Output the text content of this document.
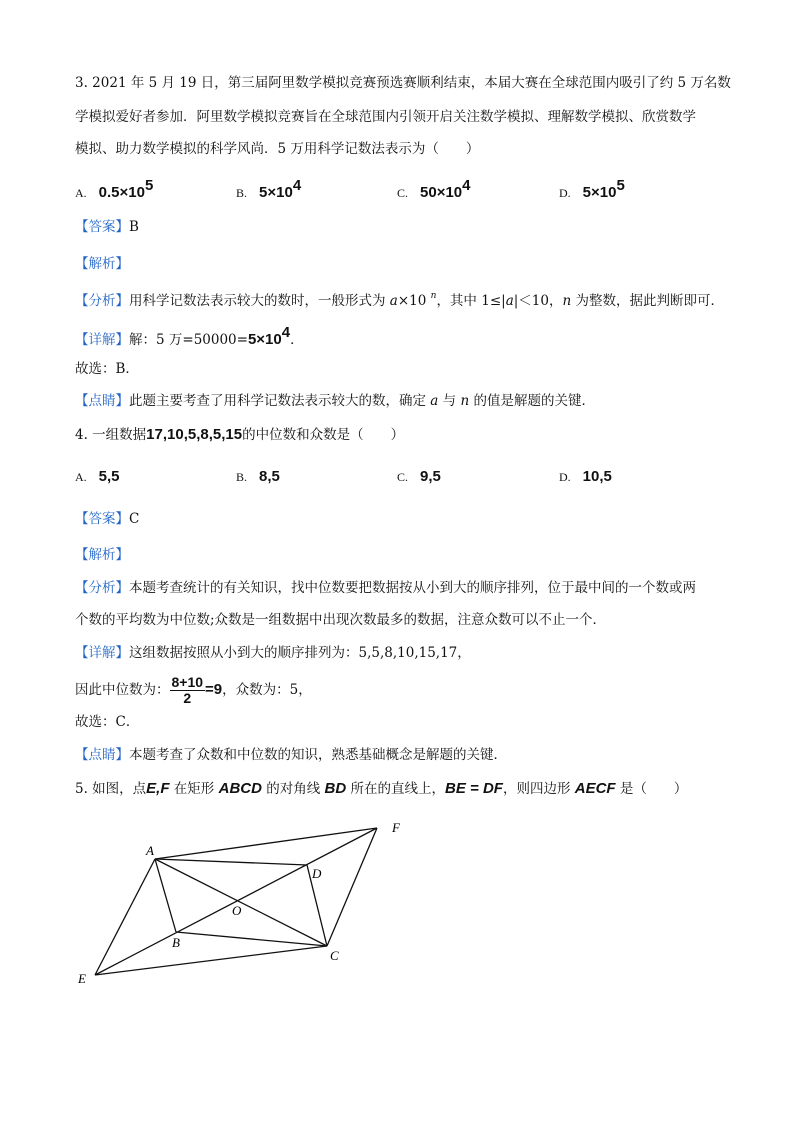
3. 2021 年 5 月 19 日，第三届阿里数学模拟竞赛预选赛顺利结束，本届大赛在全球范围内吸引了约 5 万名数
学模拟爱好者参加．阿里数学模拟竞赛旨在全球范围内引领开启关注数学模拟、理解数学模拟、欣赏数学
模拟、助力数学模拟的科学风尚．5 万用科学记数法表示为（　　）
A. $0.5\times 10^5$	B. $5\times 10^4$	C. $50\times 10^4$	D. $5\times 10^5$
【答案】B
【解析】
【分析】用科学记数法表示较大的数时，一般形式为 a×10 $^n$，其中 1≤|a|＜10，n 为整数，据此判断即可．
【详解】解：5 万$=50000=5\times 10^4$．
故选：B．
【点睛】此题主要考查了用科学记数法表示较大的数，确定 a 与 n 的值是解题的关键．
4. 一组数据17,10,5,8,5,15的中位数和众数是（　　）
A. 5,5	B. 8,5	C. 9,5	D. 10,5
【答案】C
【解析】
【分析】本题考查统计的有关知识，找中位数要把数据按从小到大的顺序排列，位于最中间的一个数或两
个数的平均数为中位数;众数是一组数据中出现次数最多的数据，注意众数可以不止一个．
【详解】这组数据按照从小到大的顺序排列为：5,5,8,10,15,17，
因此中位数为： $\frac{8+10}{2} =9$，众数为：5，
故选：C．
【点睛】本题考查了众数和中位数的知识，熟悉基础概念是解题的关键．
5. 如图，点E,F 在矩形 ABCD 的对角线 BD 所在的直线上，BE = DF，则四边形 AECF 是（　　）
A
F
D
O
B
C
E
